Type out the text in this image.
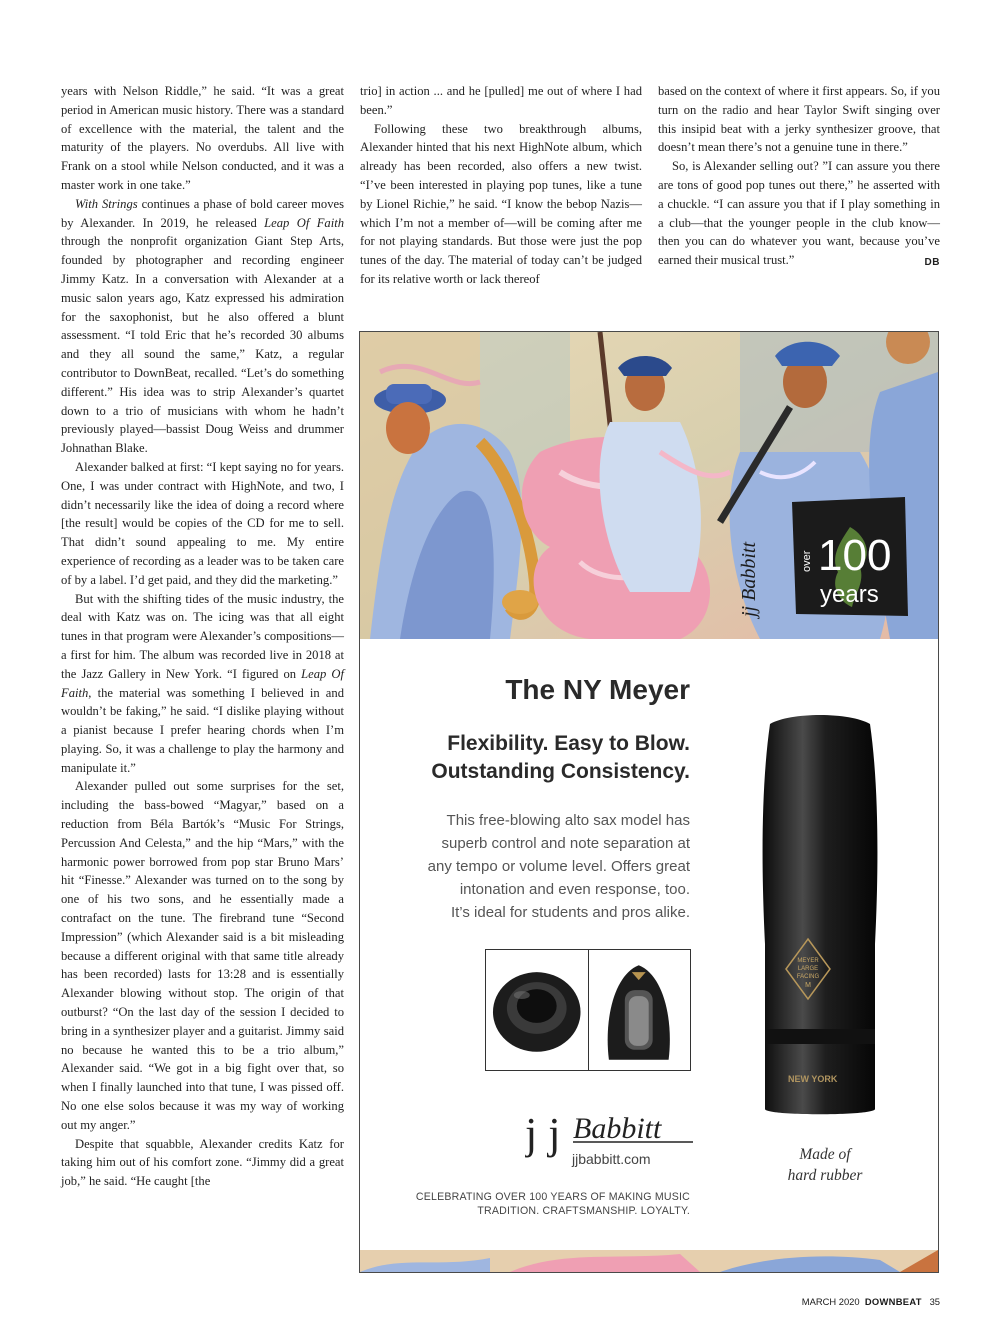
years with Nelson Riddle,” he said. “It was a great period in American music history. There was a standard of excellence with the material, the talent and the maturity of the players. No overdubs. All live with Frank on a stool while Nelson conducted, and it was a master work in one take.”

With Strings continues a phase of bold career moves by Alexander. In 2019, he released Leap Of Faith through the nonprofit organization Giant Step Arts, founded by photographer and recording engineer Jimmy Katz. In a conversation with Alexander at a music salon years ago, Katz expressed his admiration for the saxophonist, but he also offered a blunt assessment. “I told Eric that he’s recorded 30 albums and they all sound the same,” Katz, a regular contributor to DownBeat, recalled. “Let’s do something different.” His idea was to strip Alexander’s quartet down to a trio of musicians with whom he hadn’t previously played—bassist Doug Weiss and drummer Johnathan Blake.

Alexander balked at first: “I kept saying no for years. One, I was under contract with HighNote, and two, I didn’t necessarily like the idea of doing a record where [the result] would be copies of the CD for me to sell. That didn’t sound appealing to me. My entire experience of recording as a leader was to be taken care of by a label. I’d get paid, and they did the marketing.”

But with the shifting tides of the music industry, the deal with Katz was on. The icing was that all eight tunes in that program were Alexander’s compositions—a first for him. The album was recorded live in 2018 at the Jazz Gallery in New York. “I figured on Leap Of Faith, the material was something I believed in and wouldn’t be faking,” he said. “I dislike playing without a pianist because I prefer hearing chords when I’m playing. So, it was a challenge to play the harmony and manipulate it.”

Alexander pulled out some surprises for the set, including the bass-bowed “Magyar,” based on a reduction from Béla Bartók’s “Music For Strings, Percussion And Celesta,” and the hip “Mars,” with the harmonic power borrowed from pop star Bruno Mars’ hit “Finesse.” Alexander was turned on to the song by one of his two sons, and he essentially made a contrafact on the tune. The firebrand tune “Second Impression” (which Alexander said is a bit misleading because a different original with that same title already has been recorded) lasts for 13:28 and is essentially Alexander blowing without stop. The origin of that outburst? “On the last day of the session I decided to bring in a synthesizer player and a guitarist. Jimmy said no because he wanted this to be a trio album,” Alexander said. “We got in a big fight over that, so when I finally launched into that tune, I was pissed off. No one else solos because it was my way of working out my anger.”

Despite that squabble, Alexander credits Katz for taking him out of his comfort zone. “Jimmy did a great job,” he said. “He caught [the

trio] in action ... and he [pulled] me out of where I had been.”

Following these two breakthrough albums, Alexander hinted that his next HighNote album, which already has been recorded, also offers a new twist. “I’ve been interested in playing pop tunes, like a tune by Lionel Richie,” he said. “I know the bebop Nazis—which I’m not a member of—will be coming after me for not playing standards. But those were just the pop tunes of the day. The material of today can’t be judged for its relative worth or lack thereof

based on the context of where it first appears. So, if you turn on the radio and hear Taylor Swift singing over this insipid beat with a jerky synthesizer groove, that doesn’t mean there’s not a genuine tune in there.”

So, is Alexander selling out? ”I can assure you there are tons of good pop tunes out there,” he asserted with a chuckle. “I can assure you that if I play something in a club—that the younger people in the club know—then you can do whatever you want, because you’ve earned their musical trust.”	DB

over 100
years
jj Babbitt
The NY Meyer
Flexibility. Easy to Blow.
Outstanding Consistency.
This free-blowing alto sax model has
superb control and note separation at
any tempo or volume level. Offers great
intonation and even response, too.
It’s ideal for students and pros alike.
j j Babbitt
jjbabbitt.com
CELEBRATING OVER 100 YEARS OF MAKING MUSIC
TRADITION. CRAFTSMANSHIP. LOYALTY.
MEYER
LARGE
FACING
M
NEW YORK
Made of
hard rubber
MARCH 2020 DOWNBEAT 35
